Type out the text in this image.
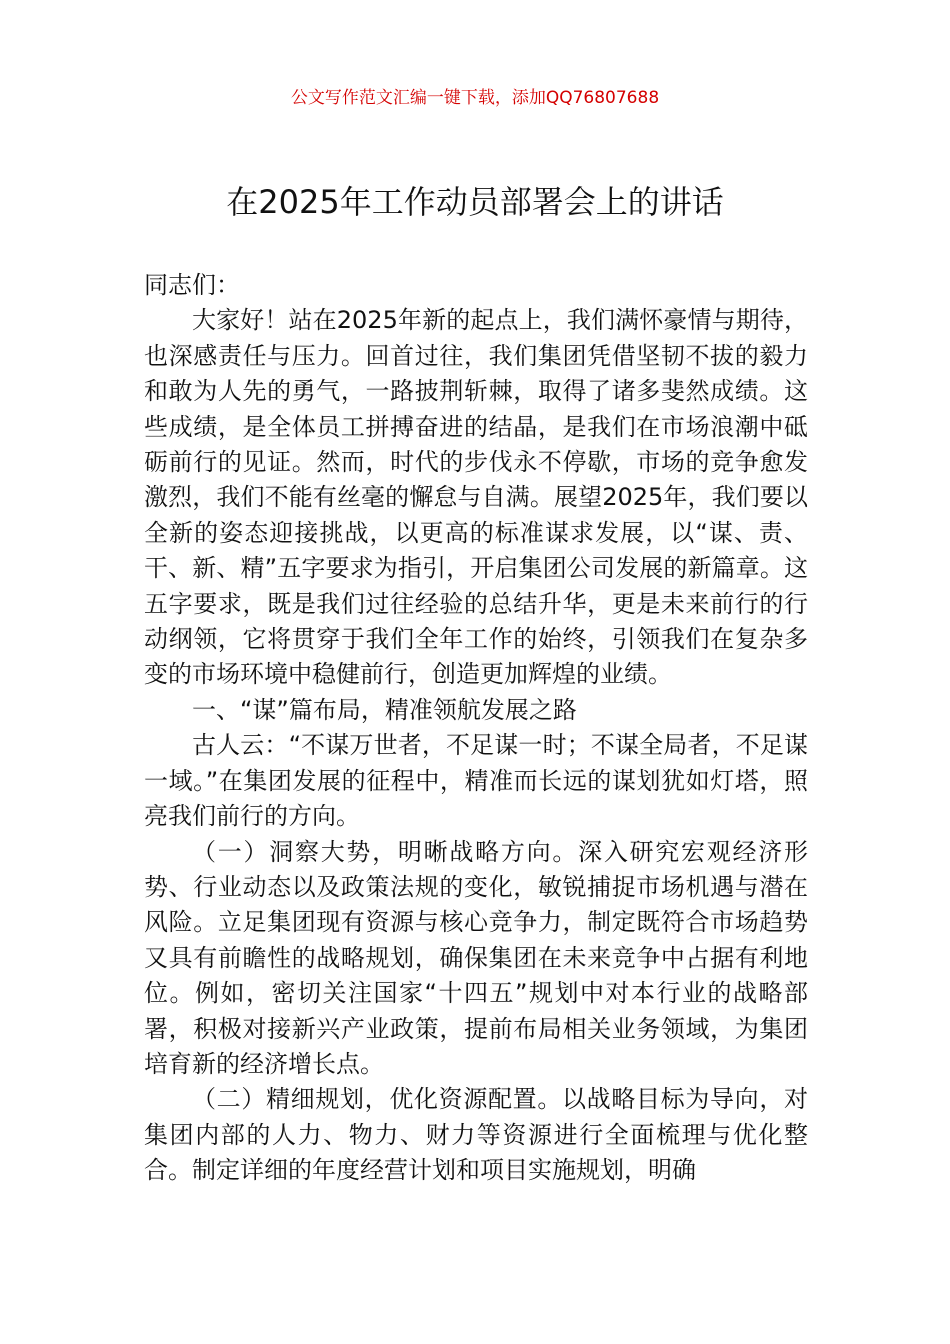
公文写作范文汇编一键下载，添加QQ76807688
在2025年工作动员部署会上的讲话

同志们：

大家好！站在2025年新的起点上，我们满怀豪情与期待，也深感责任与压力。回首过往，我们集团凭借坚韧不拔的毅力和敢为人先的勇气，一路披荆斩棘，取得了诸多斐然成绩。这些成绩，是全体员工拼搏奋进的结晶，是我们在市场浪潮中砥砺前行的见证。然而，时代的步伐永不停歇，市场的竞争愈发激烈，我们不能有丝毫的懈怠与自满。展望2025年，我们要以全新的姿态迎接挑战，以更高的标准谋求发展，以“谋、责、干、新、精”五字要求为指引，开启集团公司发展的新篇章。这五字要求，既是我们过往经验的总结升华，更是未来前行的行动纲领，它将贯穿于我们全年工作的始终，引领我们在复杂多变的市场环境中稳健前行，创造更加辉煌的业绩。

一、“谋”篇布局，精准领航发展之路

古人云：“不谋万世者，不足谋一时；不谋全局者，不足谋一域。”在集团发展的征程中，精准而长远的谋划犹如灯塔，照亮我们前行的方向。

（一）洞察大势，明晰战略方向。深入研究宏观经济形势、行业动态以及政策法规的变化，敏锐捕捉市场机遇与潜在风险。立足集团现有资源与核心竞争力，制定既符合市场趋势又具有前瞻性的战略规划，确保集团在未来竞争中占据有利地位。例如，密切关注国家“十四五”规划中对本行业的战略部署，积极对接新兴产业政策，提前布局相关业务领域，为集团培育新的经济增长点。

（二）精细规划，优化资源配置。以战略目标为导向，对集团内部的人力、物力、财力等资源进行全面梳理与优化整合。制定详细的年度经营计划和项目实施规划，明确
